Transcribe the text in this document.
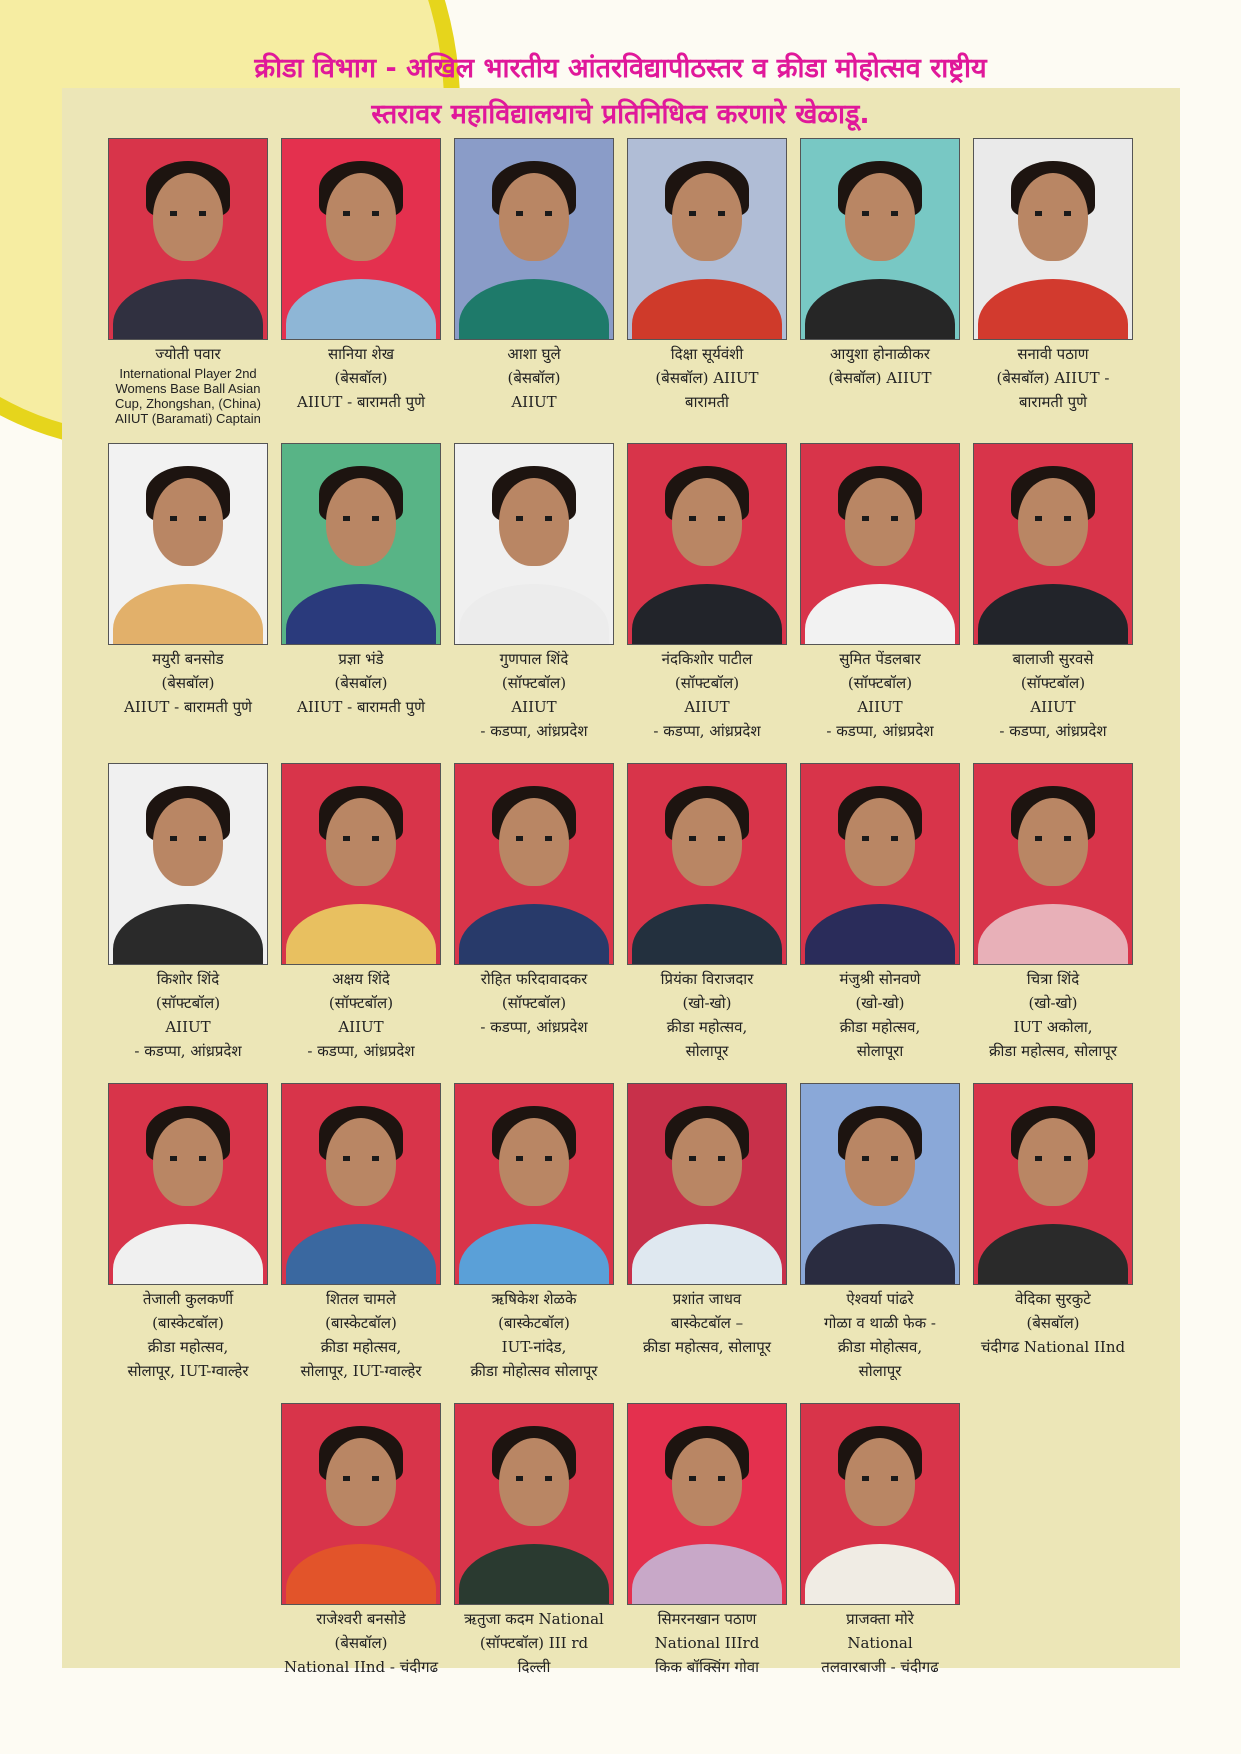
क्रीडा विभाग - अखिल भारतीय आंतरविद्यापीठस्तर व क्रीडा मोहोत्सव राष्ट्रीय
स्तरावर महाविद्यालयाचे प्रतिनिधित्व करणारे खेळाडू.
ज्योती पवार
International Player 2nd Womens Base Ball Asian Cup, Zhongshan, (China) AIIUT (Baramati) Captain
सानिया शेख
(बेसबॉल)
AIIUT - बारामती पुणे
आशा घुले
(बेसबॉल)
AIIUT
दिक्षा सूर्यवंशी
(बेसबॉल) AIIUT
बारामती
आयुशा होनाळीकर
(बेसबॉल) AIIUT
सनावी पठाण
(बेसबॉल) AIIUT -
बारामती पुणे
मयुरी बनसोड
(बेसबॉल)
AIIUT - बारामती पुणे
प्रज्ञा भंडे
(बेसबॉल)
AIIUT - बारामती पुणे
गुणपाल शिंदे
(सॉफ्टबॉल)
AIIUT
- कडप्पा, आंध्रप्रदेश
नंदकिशोर पाटील
(सॉफ्टबॉल)
AIIUT
- कडप्पा, आंध्रप्रदेश
सुमित पेंडलबार
(सॉफ्टबॉल)
AIIUT
- कडप्पा, आंध्रप्रदेश
बालाजी सुरवसे
(सॉफ्टबॉल)
AIIUT
- कडप्पा, आंध्रप्रदेश
किशोर शिंदे
(सॉफ्टबॉल)
AIIUT
- कडप्पा, आंध्रप्रदेश
अक्षय शिंदे
(सॉफ्टबॉल)
AIIUT
- कडप्पा, आंध्रप्रदेश
रोहित फरिदावादकर
(सॉफ्टबॉल)
- कडप्पा, आंध्रप्रदेश
प्रियंका विराजदार
(खो-खो)
क्रीडा महोत्सव,
सोलापूर
मंजुश्री सोनवणे
(खो-खो)
क्रीडा महोत्सव,
सोलापूरा
चित्रा शिंदे
(खो-खो)
IUT अकोला,
क्रीडा महोत्सव, सोलापूर
तेजाली कुलकर्णी
(बास्केटबॉल)
क्रीडा महोत्सव,
सोलापूर, IUT-ग्वाल्हेर
शितल चामले
(बास्केटबॉल)
क्रीडा महोत्सव,
सोलापूर, IUT-ग्वाल्हेर
ऋषिकेश शेळके
(बास्केटबॉल)
IUT-नांदेड,
क्रीडा मोहोत्सव सोलापूर
प्रशांत जाधव
बास्केटबॉल –
क्रीडा महोत्सव, सोलापूर
ऐश्वर्या पांढरे
गोळा व थाळी फेक -
क्रीडा मोहोत्सव,
सोलापूर
वेदिका सुरकुटे
(बेसबॉल)
चंदीगढ National IInd
राजेश्वरी बनसोडे
(बेसबॉल)
National IInd - चंदीगढ
ऋतुजा कदम National
(सॉफ्टबॉल) III rd
दिल्ली
सिमरनखान पठाण
National IIIrd
किक बॉक्सिंग गोवा
प्राजक्ता मोरे
National
तलवारबाजी - चंदीगढ
